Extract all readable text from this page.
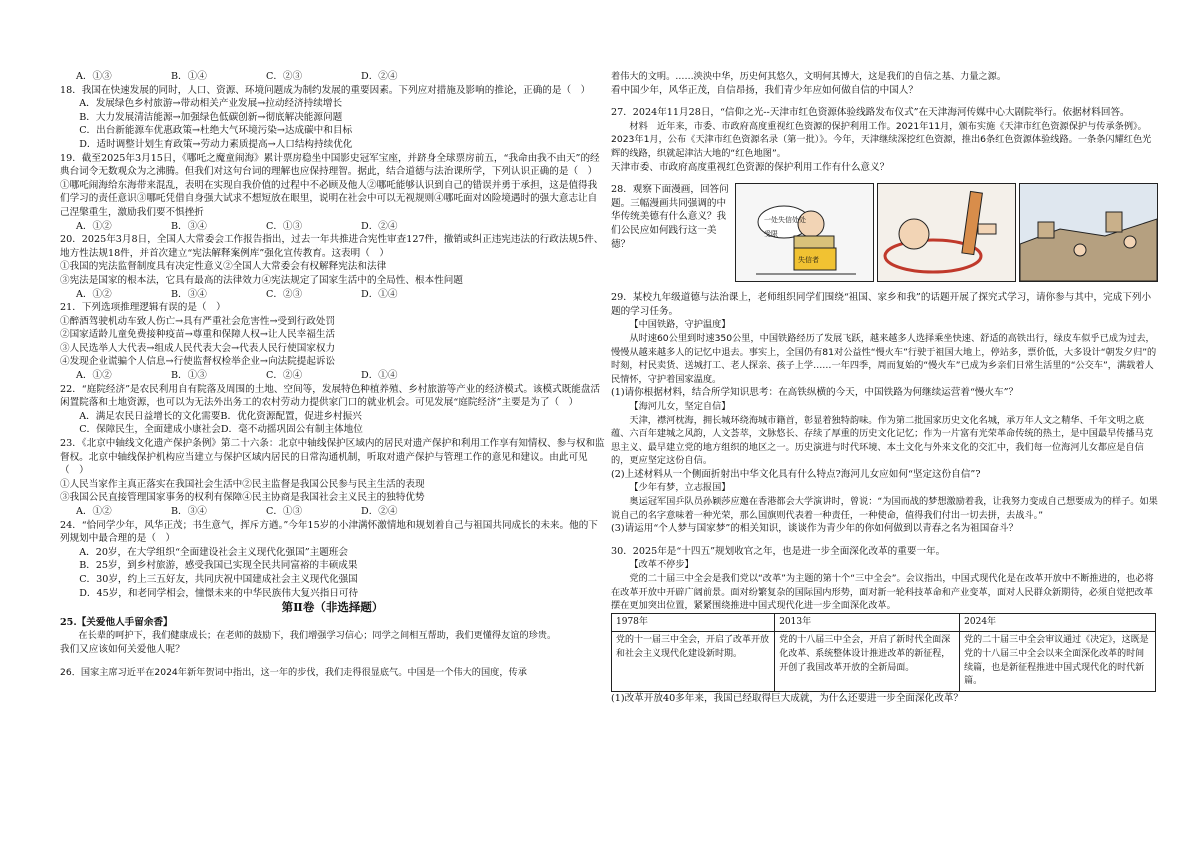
A．①③	B．①④	C．②③	D．②④

18．我国在快速发展的同时，人口、资源、环境问题成为制约发展的重要因素。下列应对措施及影响的推论，正确的是（　）

A．发展绿色乡村旅游→带动相关产业发展→拉动经济持续增长

B．大力发展清洁能源→加强绿色低碳创新→彻底解决能源问题

C．出台新能源车优惠政策→杜绝大气环境污染→达成碳中和目标

D．适时调整计划生育政策→劳动力素质提高→人口结构持续优化

19．截至2025年3月15日，《哪吒之魔童闹海》累计票房稳坐中国影史冠军宝座，并跻身全球票房前五，“我命由我不由天”的经典台词令无数观众为之沸腾。但我们对这句台词的理解也应保持理智。据此，结合道德与法治课所学，下列认识正确的是（　）

①哪吒闹海给东海带来混乱，表明在实现自我价值的过程中不必顾及他人②哪吒能够认识到自己的错误并勇于承担，这是值得我们学习的责任意识③哪吒凭借自身强大试求不想短放在眼里，说明在社会中可以无视规则④哪吒面对凶险境遇时的强大意志让自己涅槃重生，激励我们要不惧挫折

A．①②	B．③④	C．①③	D．②④

20．2025年3月8日，全国人大常委会工作报告指出，过去一年共推进合宪性审查127件，撤销或纠正违宪违法的行政法规5件、地方性法规18件，并首次建立“宪法解释案例库”强化宣传教育。这表明（　）

①我国的宪法监督制度具有决定性意义②全国人大常委会有权解释宪法和法律

③宪法是国家的根本法，它具有最高的法律效力④宪法规定了国家生活中的全局性、根本性问题

A．①②	B．③④	C．②③	D．①④

21．下列选项推理逻辑有误的是（　）

①醉酒驾驶机动车致人伤亡→具有严重社会危害性→受到行政处罚

②国家适龄儿童免费接种疫苗→尊重和保障人权→让人民幸福生活

③人民选举人大代表→组成人民代表大会→代表人民行使国家权力

④发现企业谎骗个人信息→行使监督权检举企业→向法院提起诉讼

A．①②	B．①③	C．②④	D．①④

22．“庭院经济”是农民利用自有院落及周围的土地、空间等，发展特色种植养殖、乡村旅游等产业的经济模式。该模式既能盘活闲置院落和土地资源，也可以为无法外出务工的农村劳动力提供家门口的就业机会。可见发展“庭院经济”主要是为了（　）

A．满足农民日益增长的文化需要B．优化资源配置，促进乡村振兴

C．保障民生，全面建成小康社会D．毫不动摇巩固公有制主体地位

23．《北京中轴线文化遗产保护条例》第二十六条：北京中轴线保护区域内的居民对遗产保护和利用工作享有知情权、参与权和监督权。北京中轴线保护机构应当建立与保护区域内居民的日常沟通机制，听取对遗产保护与管理工作的意见和建议。由此可见（　）

①人民当家作主真正落实在我国社会生活中②民主监督是我国公民参与民主生活的表现

③我国公民直接管理国家事务的权利有保障④民主协商是我国社会主义民主的独特优势

A．①②	B．③④	C．①③	D．②④

24．“恰同学少年，风华正茂；书生意气，挥斥方遒。”今年15岁的小津满怀激情地和规划着自己与祖国共同成长的未来。他的下列规划中最合理的是（　）

A．20岁，在大学组织“全面建设社会主义现代化强国”主题班会

B．25岁，到乡村旅游，感受我国已实现全民共同富裕的丰硕成果

C．30岁，约上三五好友，共同庆祝中国建成社会主义现代化强国

D．45岁，和老同学相会，憧憬未来的中华民族伟大复兴指日可待

第Ⅱ卷（非选择题）

25.【关爱他人手留余香】

在长辈的呵护下，我们健康成长；在老师的鼓励下，我们增强学习信心；同学之间相互帮助，我们更懂得友谊的珍贵。

我们又应该如何关爱他人呢？

26．国家主席习近平在2024年新年贺词中指出，这一年的步伐，我们走得很显底气。中国是一个伟大的国度，传承

着伟大的文明。……泱泱中华，历史何其悠久，文明何其博大，这是我们的自信之基、力量之源。

看中国少年，风华正茂，自信昂扬，我们青少年应如何做自信的中国人？

27．2024年11月28日，“信仰之光--天津市红色资源体验线路发布仪式”在天津海河传媒中心大剧院举行。依据材料回答。

材料　近年来，市委、市政府高度重视红色资源的保护利用工作。2021年11月，颁布实施《天津市红色资源保护与传承条例》。2023年1月，公布《天津市红色资源名录（第一批）》。今年，天津继续深挖红色资源，推出6条红色资源体验线路。一条条闪耀红色光辉的线路，织就起津沽大地的“红色地图”。

天津市委、市政府高度重视红色资源的保护利用工作有什么意义？

28．观察下面漫画，回答问题。三幅漫画共同强调的中华传统美德有什么意义？我们公民应如何践行这一美德？

一处失信处处受限
失信者

29．某校九年级道德与法治课上，老师组织同学们围绕“祖国、家乡和我”的话题开展了探究式学习，请你参与其中，完成下列小题的学习任务。

【中国铁路，守护温度】

从时速60公里到时速350公里，中国铁路经历了发展飞跃，越来越多人选择乘坐快速、舒适的高铁出行，绿皮车似乎已成为过去，慢慢从越来越多人的记忆中退去。事实上，全国仍有81对公益性“慢火车”行驶于祖国大地上，停站多，票价低，大多设计“朝发夕归”的时刻，村民卖货、送城打工、老人探亲、孩子上学……一年四季，周而复始的“慢火车”已成为乡亲们日常生活里的“公交车”，满载着人民情怀，守护着国家温度。

(1)请你根据材料，结合所学知识思考：在高铁纵横的今天，中国铁路为何继续运营着“慢火车”？

【海河儿女，坚定自信】

天津，襟河枕海，拥长城环绕海城市籍首，彰显着独特韵味。作为第二批国家历史文化名城，承万年人文之精华、千年文明之底蕴、六百年建城之风韵，人文荟萃，文脉悠长、存续了厚重的历史文化记忆；作为一片富有光荣革命传统的热土，是中国最早传播马克思主义、最早建立党的地方组织的地区之一。历史演进与时代环境、本土文化与外来文化的交汇中，我们每一位海河儿女都应是自信的，更应坚定这份自信。

(2)上述材料从一个侧面折射出中华文化具有什么特点?海河儿女应如何“坚定这份自信”?

【少年有梦，立志报国】

奥运冠军国乒队员孙颖莎应邀在香港都会大学演讲时，曾说：“为国而战的梦想激励着我，让我努力变成自己想要成为的样子。如果说自己的名字意味着一种光荣，那么国旗则代表着一种责任，一种使命，值得我们付出一切去拼，去战斗。”

(3)请运用“个人梦与国家梦”的相关知识，谈谈作为青少年的你如何做到以青春之名为祖国奋斗？

30．2025年是“十四五”规划收官之年，也是进一步全面深化改革的重要一年。

【改革不停步】

党的二十届三中全会是我们党以“改革”为主题的第十个“三中全会”。会议指出，中国式现代化是在改革开放中不断推进的，也必将在改革开放中开辟广阔前景。面对纷繁复杂的国际国内形势，面对新一轮科技革命和产业变革，面对人民群众新期待，必须自觉把改革摆在更加突出位置，紧紧围绕推进中国式现代化进一步全面深化改革。

1978年	2013年	2024年
党的十一届三中全会，开启了改革开放和社会主义现代化建设新时期。	党的十八届三中全会，开启了新时代全面深化改革、系统整体设计推进改革的新征程，开创了我国改革开放的全新局面。	党的二十届三中全会审议通过《决定》，这既是党的十八届三中全会以来全面深化改革的时间续篇，也是新征程推进中国式现代化的时代新篇。

(1)改革开放40多年来，我国已经取得巨大成就，为什么还要进一步全面深化改革？
